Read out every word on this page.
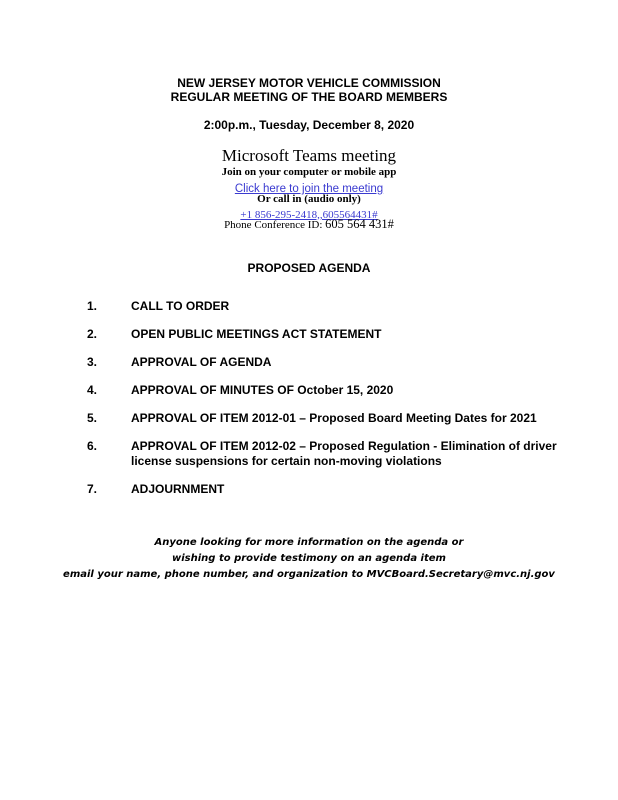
NEW JERSEY MOTOR VEHICLE COMMISSION
REGULAR MEETING OF THE BOARD MEMBERS
2:00p.m., Tuesday, December 8, 2020
Microsoft Teams meeting
Join on your computer or mobile app
Click here to join the meeting
Or call in (audio only)
+1 856-295-2418,,605564431#
Phone Conference ID: 605 564 431#
PROPOSED AGENDA
1.	CALL TO ORDER
2.	OPEN PUBLIC MEETINGS ACT STATEMENT
3.	APPROVAL OF AGENDA
4.	APPROVAL OF MINUTES OF October 15, 2020
5.	APPROVAL OF ITEM 2012-01 – Proposed Board Meeting Dates for 2021
6.	APPROVAL OF ITEM 2012-02 – Proposed Regulation - Elimination of driver license suspensions for certain non-moving violations
7.	ADJOURNMENT
Anyone looking for more information on the agenda or
wishing to provide testimony on an agenda item
email your name, phone number, and organization to MVCBoard.Secretary@mvc.nj.gov
